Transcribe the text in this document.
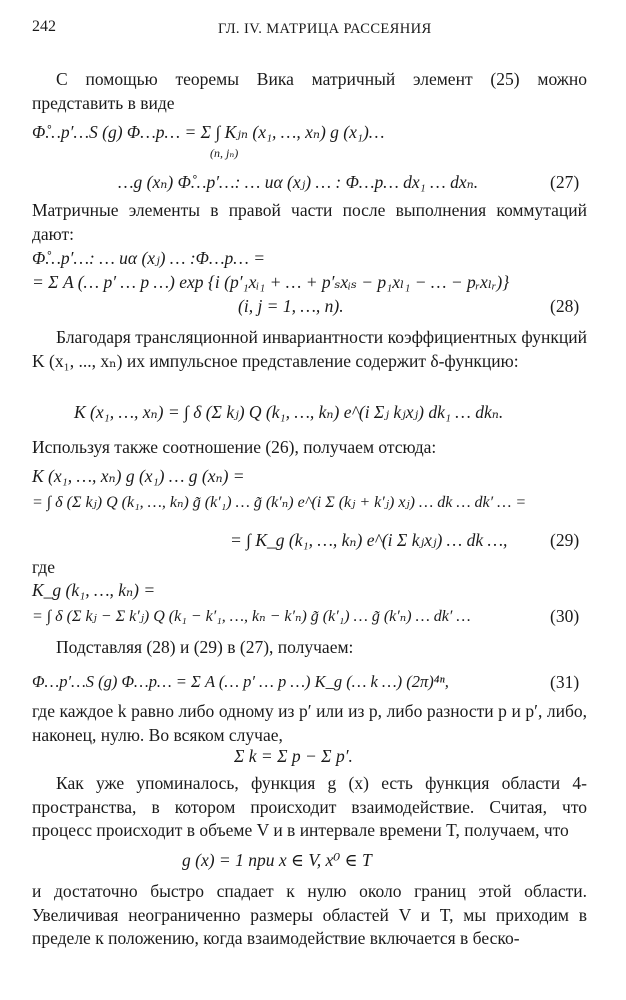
242	ГЛ. IV. МАТРИЦА РАССЕЯНИЯ
С помощью теоремы Вика матричный элемент (25) можно представить в виде
Φ̊…p′…S (g) Φ…p… = Σ ∫ Kⱼₙ (x₁, …, xₙ) g (x₁)…
(n, jₙ)
…g (xₙ) Φ̊…p′…: … uα (xⱼ) … : Φ…p… dx₁ … dxₙ.	(27)
Матричные элементы в правой части после выполнения коммутаций дают:
Φ̊…p′…: … uα (xⱼ) … :Φ…p… =
= Σ A (… p′ … p …) exp {i (p′₁xᵢ₁ + … + p′ₛxᵢₛ − p₁xₗ₁ − … − pᵣxₗᵣ)}
(i, j = 1, …, n).	(28)
Благодаря трансляционной инвариантности коэффициентных функций K (x₁, ..., xₙ) их импульсное представление содержит δ-функцию:
K (x₁, …, xₙ) = ∫ δ (Σ kⱼ) Q (k₁, …, kₙ) e^(i Σⱼ kⱼxⱼ) dk₁ … dkₙ.
Используя также соотношение (26), получаем отсюда:
K (x₁, …, xₙ) g (x₁) … g (xₙ) =
= ∫ δ (Σ kⱼ) Q (k₁, …, kₙ) g̃ (k′₁) … g̃ (k′ₙ) e^(i Σ (kⱼ + k′ⱼ) xⱼ) … dk … dk′ … =
= ∫ K_g (k₁, …, kₙ) e^(i Σ kⱼxⱼ) … dk …, (29)
где
K_g (k₁, …, kₙ) =
= ∫ δ (Σ kⱼ − Σ k′ⱼ) Q (k₁ − k′₁, …, kₙ − k′ₙ) g̃ (k′₁) … g̃ (k′ₙ) … dk′ …	(30)
Подставляя (28) и (29) в (27), получаем:
Φ…p′…S (g) Φ…p… = Σ A (… p′ … p …) K_g (… k …) (2π)⁴ⁿ,	(31)
где каждое k равно либо одному из p′ или из p, либо разности p и p′, либо, наконец, нулю. Во всяком случае,
Σ k = Σ p − Σ p′.
Как уже упоминалось, функция g (x) есть функция области 4-пространства, в котором происходит взаимодействие. Считая, что процесс происходит в объеме V и в интервале времени T, получаем, что
g (x) = 1 при x ∈ V, x⁰ ∈ T
и достаточно быстро спадает к нулю около границ этой области. Увеличивая неограниченно размеры областей V и T, мы приходим в пределе к положению, когда взаимодействие включается в беско-
